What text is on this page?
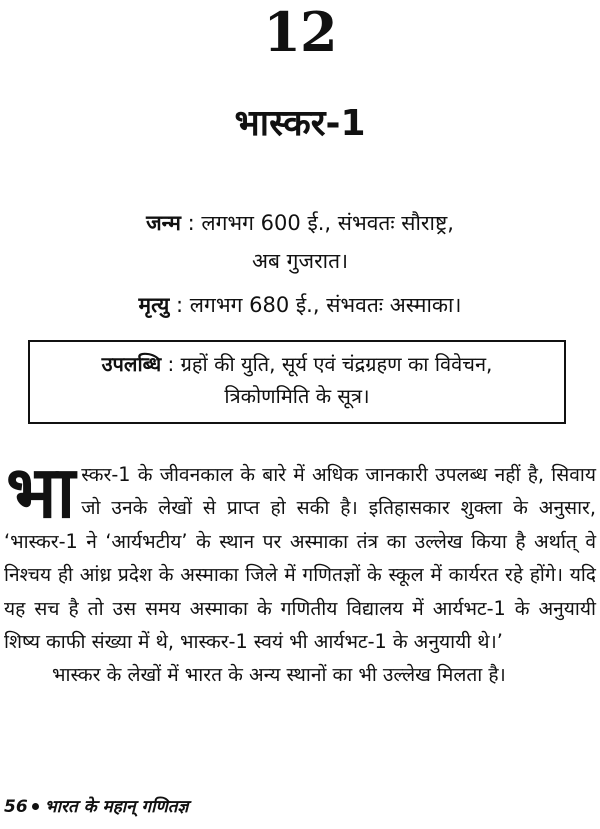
12
भास्कर-1
जन्म : लगभग 600 ई., संभवतः सौराष्ट्र,
अब गुजरात।
मृत्यु : लगभग 680 ई., संभवतः अस्माका।
उपलब्धि : ग्रहों की युति, सूर्य एवं चंद्रग्रहण का विवेचन,
त्रिकोणमिति के सूत्र।

भास्कर-1 के जीवनकाल के बारे में अधिक जानकारी उपलब्ध नहीं है, सिवाय जो उनके लेखों से प्राप्त हो सकी है। इतिहासकार शुक्ला के अनुसार, ‘भास्कर-1 ने ‘आर्यभटीय’ के स्थान पर अस्माका तंत्र का उल्लेख किया है अर्थात् वे निश्चय ही आंध्र प्रदेश के अस्माका जिले में गणितज्ञों के स्कूल में कार्यरत रहे होंगे। यदि यह सच है तो उस समय अस्माका के गणितीय विद्यालय में आर्यभट-1 के अनुयायी शिष्य काफी संख्या में थे, भास्कर-1 स्वयं भी आर्यभट-1 के अनुयायी थे।’

भास्कर के लेखों में भारत के अन्य स्थानों का भी उल्लेख मिलता है।

56 भारत के महान् गणितज्ञ
